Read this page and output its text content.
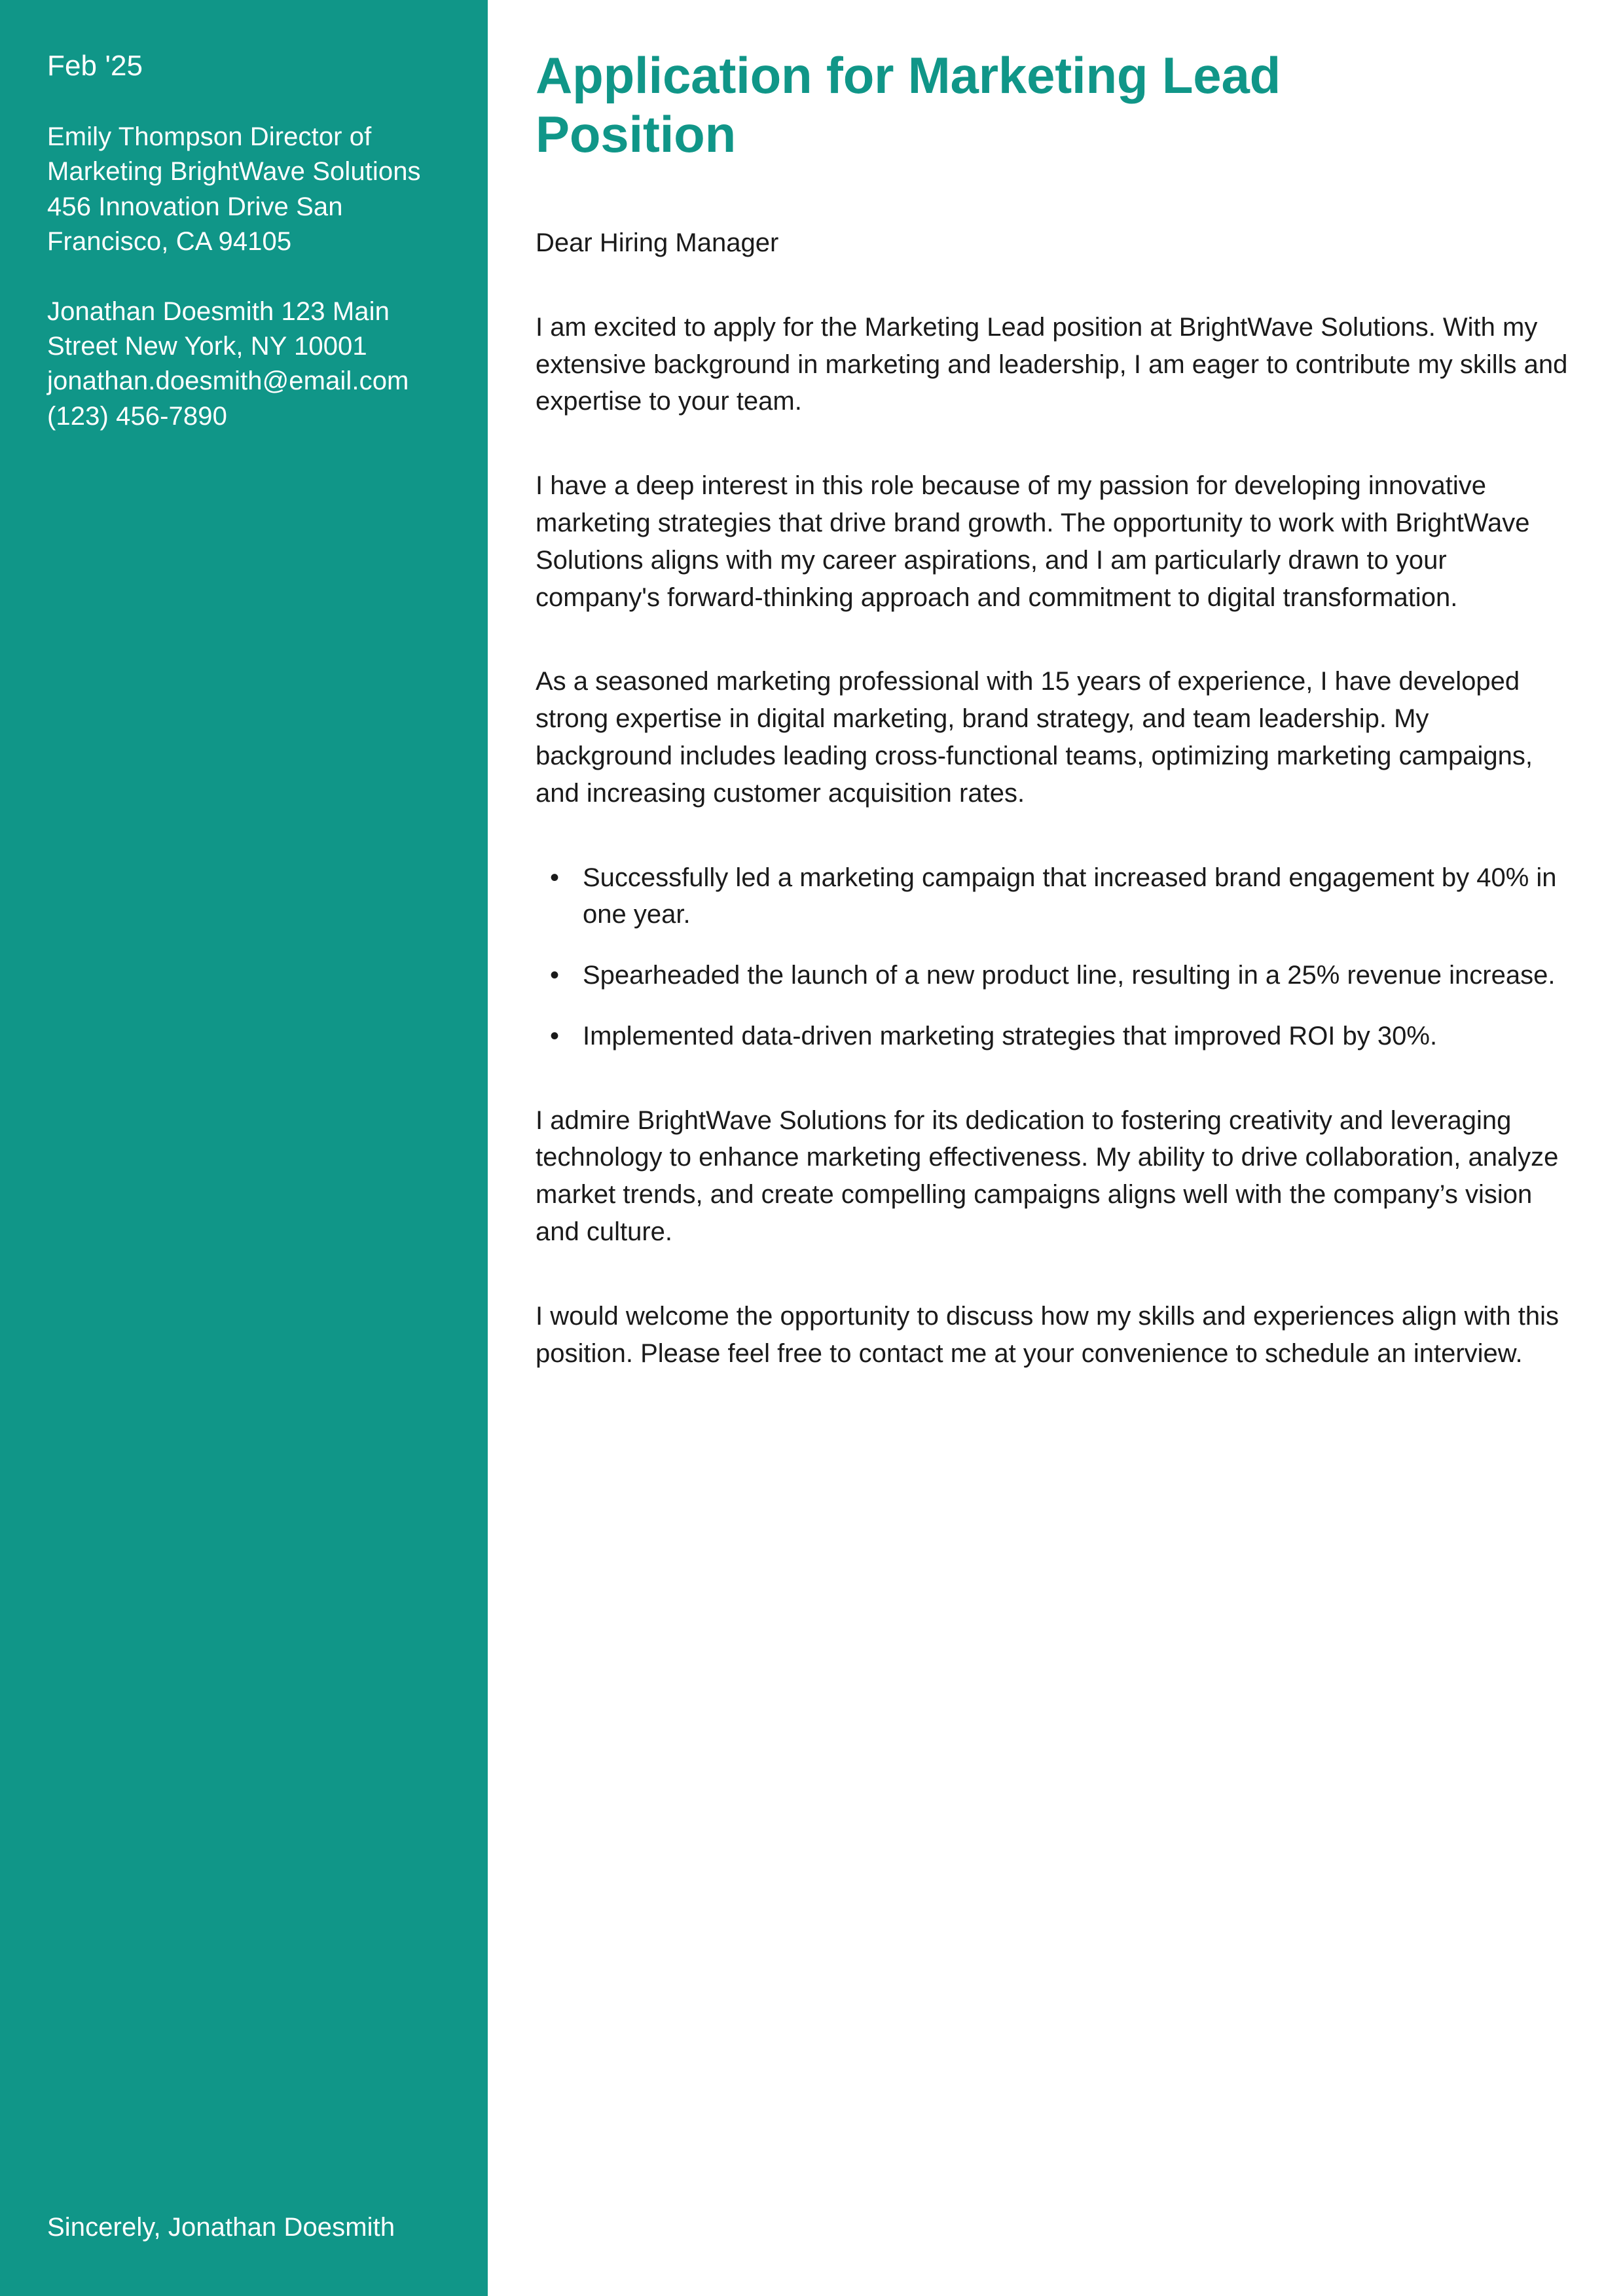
Feb '25
Emily Thompson Director of Marketing BrightWave Solutions 456 Innovation Drive San Francisco, CA 94105
Jonathan Doesmith 123 Main Street New York, NY 10001 jonathan.doesmith@email.com (123) 456-7890
Sincerely, Jonathan Doesmith
Application for Marketing Lead Position

Dear Hiring Manager

I am excited to apply for the Marketing Lead position at BrightWave Solutions. With my extensive background in marketing and leadership, I am eager to contribute my skills and expertise to your team.

I have a deep interest in this role because of my passion for developing innovative marketing strategies that drive brand growth. The opportunity to work with BrightWave Solutions aligns with my career aspirations, and I am particularly drawn to your company's forward-thinking approach and commitment to digital transformation.

As a seasoned marketing professional with 15 years of experience, I have developed strong expertise in digital marketing, brand strategy, and team leadership. My background includes leading cross-functional teams, optimizing marketing campaigns, and increasing customer acquisition rates.

• Successfully led a marketing campaign that increased brand engagement by 40% in one year.
• Spearheaded the launch of a new product line, resulting in a 25% revenue increase.
• Implemented data-driven marketing strategies that improved ROI by 30%.

I admire BrightWave Solutions for its dedication to fostering creativity and leveraging technology to enhance marketing effectiveness. My ability to drive collaboration, analyze market trends, and create compelling campaigns aligns well with the company’s vision and culture.

I would welcome the opportunity to discuss how my skills and experiences align with this position. Please feel free to contact me at your convenience to schedule an interview.
